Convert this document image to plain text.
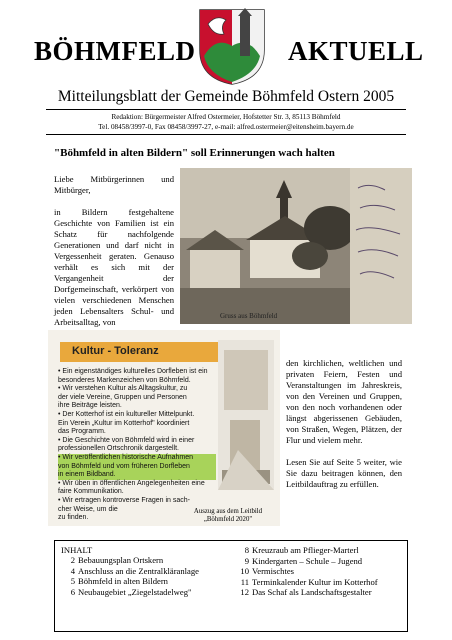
BÖHMFELD	AKTUELL
Mitteilungsblatt der Gemeinde Böhmfeld Ostern 2005
Redaktion: Bürgermeister Alfred Ostermeier, Hofstetter Str. 3, 85113 Böhmfeld
Tel. 08458/3997-0, Fax 08458/3997-27, e-mail: alfred.ostermeier@eitensheim.bayern.de
"Böhmfeld in alten Bildern" soll Erinnerungen wach halten

Liebe Mitbürgerinnen und Mitbürger,

in Bildern festgehaltene Geschichte von Familien ist ein Schatz für nachfolgende Generationen und darf nicht in Vergessenheit geraten. Genauso verhält es sich mit der Vergangenheit der Dorfgemeinschaft, verkörpert von vielen verschiedenen Menschen jeden Lebensalters Schul- und Arbeitsalltag, von

Gruss aus Böhmfeld
Kultur - Toleranz
• Ein eigenständiges kulturelles Dorfleben ist ein
besonderes Markenzeichen von Böhmfeld.
• Wir verstehen Kultur als Alltagskultur, zu
der viele Vereine, Gruppen und Personen
ihre Beiträge leisten.
• Der Kotterhof ist ein kultureller Mittelpunkt.
Ein Verein „Kultur im Kotterhof" koordiniert
das Programm.
• Die Geschichte von Böhmfeld wird in einer
professionellen Ortschronik dargestellt.
• Wir veröffentlichen historische Aufnahmen
von Böhmfeld und vom früheren Dorfleben
in einem Bildband.
• Wir üben in öffentlichen Angelegenheiten eine
faire Kommunikation.
• Wir ertragen kontroverse Fragen in sach-
cher Weise, um die
zu finden.
Auszug aus dem Leitbild
„Böhmfeld 2020"

den kirchlichen, weltlichen und privaten Feiern, Festen und Veranstaltungen im Jahreskreis, von den Vereinen und Gruppen, von den noch vorhandenen oder längst abgerissenen Gebäuden, von Straßen, Wegen, Plätzen, der Flur und vielem mehr.

Lesen Sie auf Seite 5 weiter, wie Sie dazu beitragen können, den Leitbildauftrag zu erfüllen.

INHALT
2 Bebauungsplan Ortskern
4 Anschluss an die Zentralkläranlage
5 Böhmfeld in alten Bildern
6 Neubaugebiet „Ziegelstadelweg"
8 Kreuzraub am Pflieger-Marterl
9 Kindergarten – Schule – Jugend
10 Vermischtes
11 Terminkalender Kultur im Kotterhof
12 Das Schaf als Landschaftsgestalter
